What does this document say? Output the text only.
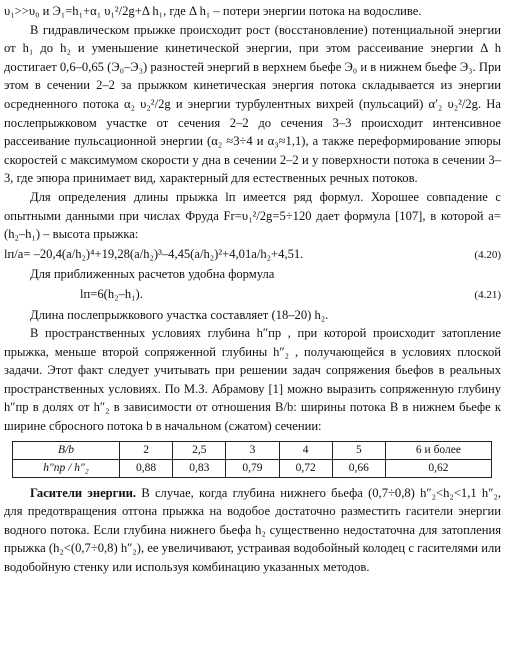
υ₁>>υ₀ и Э₁=h₁+α₁ υ₁²/2g+Δ h₁, где Δ h₁ – потери энергии потока на водосливе.

В гидравлическом прыжке происходит рост (восстановление) потенциальной энергии от h₁ до h₂ и уменьшение кинетической энергии, при этом рассеивание энергии Δ h достигает 0,6–0,65 (Э₀–Э₃) разностей энергий в верхнем бьефе Э₀ и в нижнем бьефе Э₃. При этом в сечении 2–2 за прыжком кинетическая энергия потока складывается из энергии осредненного потока α₂ υ₂²/2g и энергии турбулентных вихрей (пульсаций) α′₂ υ₂²/2g. На послепрыжковом участке от сечения 2–2 до сечения 3–3 происходит интенсивное рассеивание пульсационной энергии (α₂ ≈3÷4 и α₃≈1,1), а также переформирование эпюры скоростей с максимумом скорости у дна в сечении 2–2 и у поверхности потока в сечении 3–3, где эпюра принимает вид, характерный для естественных речных потоков.

Для определения длины прыжка lп имеется ряд формул. Хорошее совпадение с опытными данными при числах Фруда Fr=υ₁²/2g=5÷120 дает формула [107], в которой a=(h₂–h₁) – высота прыжка:

lп/a= –20,4(a/h₂)⁴+19,28(a/h₂)³–4,45(a/h₂)²+4,01a/h₂+4,51.	(4.20)

Для приближенных расчетов удобна формула

lп=6(h₂–h₁).	(4.21)

Длина послепрыжкового участка составляет (18–20) h₂.

В пространственных условиях глубина h″пр , при которой происходит затопление прыжка, меньше второй сопряженной глубины h″₂ , получающейся в условиях плоской задачи. Этот факт следует учитывать при решении задач сопряжения бьефов в реальных пространственных условиях. По М.З. Абрамову [1] можно выразить сопряженную глубину h″пр в долях от h″₂ в зависимости от отношения B/b: ширины потока B в нижнем бьефе к ширине сбросного потока b в начальном (сжатом) сечении:

B/b	2	2,5	3	4	5	6 и более
h″пр / h″₂	0,88	0,83	0,79	0,72	0,66	0,62

Гасители энергии. В случае, когда глубина нижнего бьефа (0,7÷0,8) h″₂<h₂<1,1 h″₂, для предотвращения отгона прыжка на водобое достаточно разместить гасители энергии водного потока. Если глубина нижнего бьефа h₂ существенно недостаточна для затопления прыжка (h₂<(0,7÷0,8) h″₂), ее увеличивают, устраивая водобойный колодец с гасителями или водобойную стенку или используя комбинацию указанных методов.
